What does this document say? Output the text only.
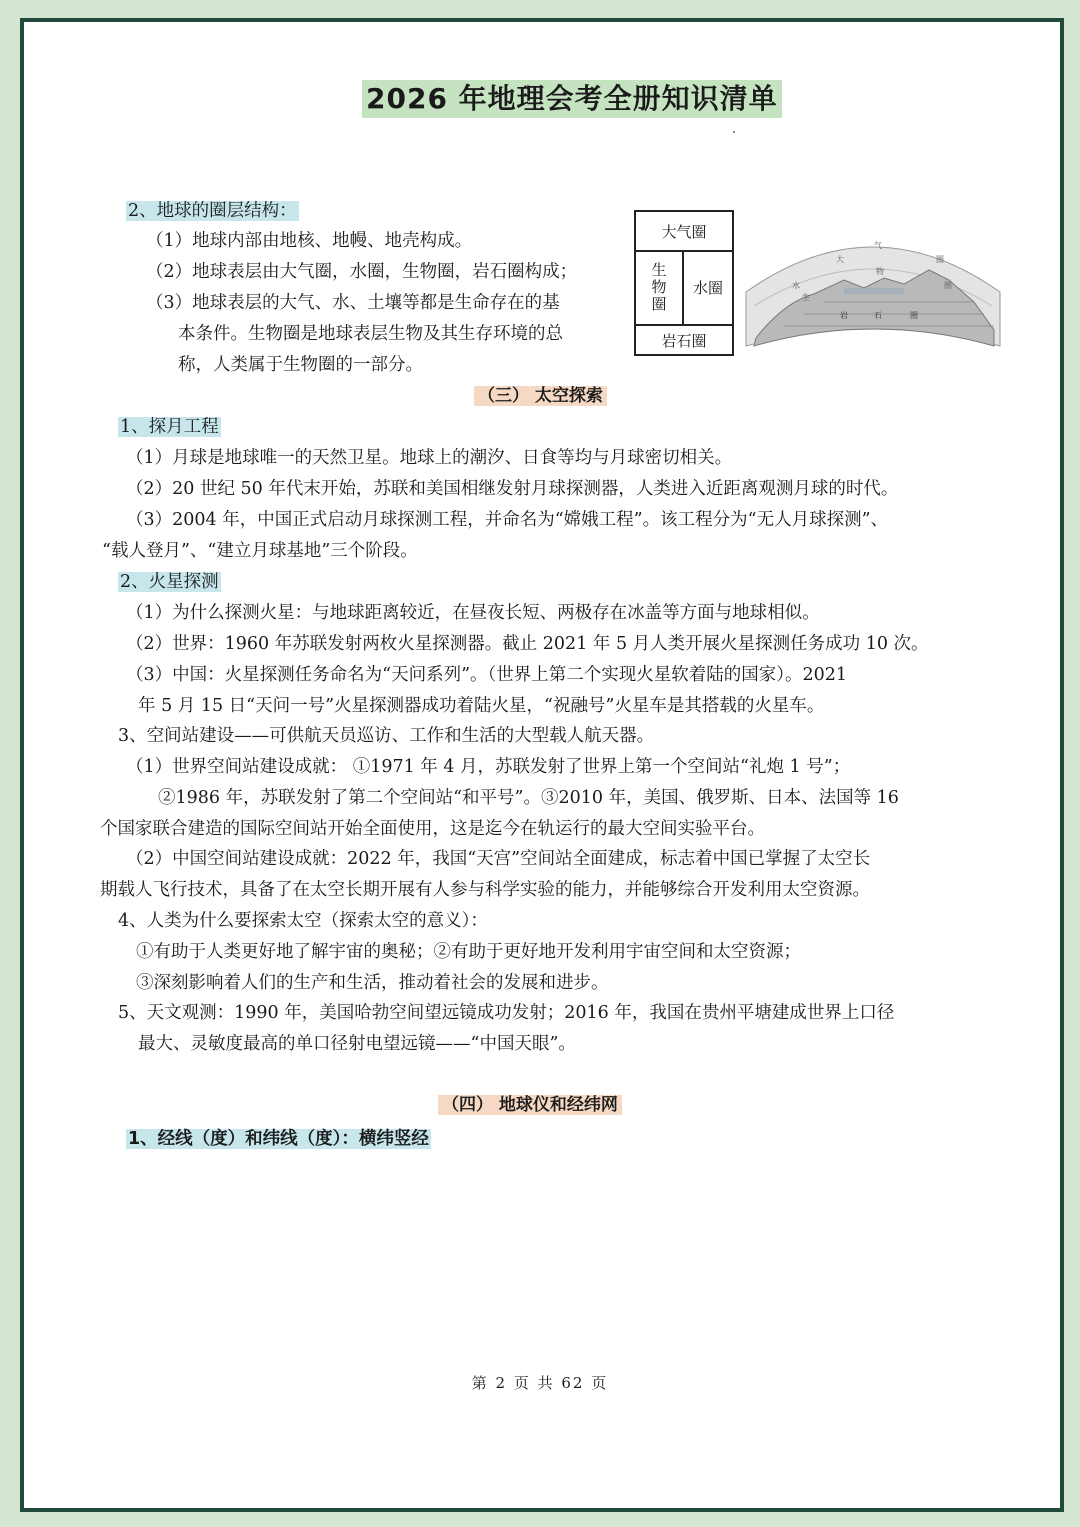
2026 年地理会考全册知识清单
2、地球的圈层结构：
（1）地球内部由地核、地幔、地壳构成。
（2）地球表层由大气圈，水圈，生物圈，岩石圈构成；
（3）地球表层的大气、水、土壤等都是生命存在的基
本条件。生物圈是地球表层生物及其生存环境的总
称，人类属于生物圈的一部分。
大气圈
生物圈	水圈
岩石圈
大
气
圈
水
生
物
圈
岩	石	圈
（三） 太空探索
1、探月工程
（1）月球是地球唯一的天然卫星。地球上的潮汐、日食等均与月球密切相关。
（2）20 世纪 50 年代末开始，苏联和美国相继发射月球探测器，人类进入近距离观测月球的时代。
（3）2004 年，中国正式启动月球探测工程，并命名为“嫦娥工程”。该工程分为“无人月球探测”、
“载人登月”、“建立月球基地”三个阶段。
2、火星探测
（1）为什么探测火星：与地球距离较近，在昼夜长短、两极存在冰盖等方面与地球相似。
（2）世界：1960 年苏联发射两枚火星探测器。截止 2021 年 5 月人类开展火星探测任务成功 10 次。
（3）中国：火星探测任务命名为“天问系列”。（世界上第二个实现火星软着陆的国家）。2021
年 5 月 15 日“天问一号”火星探测器成功着陆火星，“祝融号”火星车是其搭载的火星车。
3、空间站建设——可供航天员巡访、工作和生活的大型载人航天器。
（1）世界空间站建设成就： ①1971 年 4 月，苏联发射了世界上第一个空间站“礼炮 1 号”；
②1986 年，苏联发射了第二个空间站“和平号”。③2010 年，美国、俄罗斯、日本、法国等 16
个国家联合建造的国际空间站开始全面使用，这是迄今在轨运行的最大空间实验平台。
（2）中国空间站建设成就：2022 年，我国“天宫”空间站全面建成，标志着中国已掌握了太空长
期载人飞行技术，具备了在太空长期开展有人参与科学实验的能力，并能够综合开发利用太空资源。
4、人类为什么要探索太空（探索太空的意义）：
①有助于人类更好地了解宇宙的奥秘；②有助于更好地开发利用宇宙空间和太空资源；
③深刻影响着人们的生产和生活，推动着社会的发展和进步。
5、天文观测：1990 年，美国哈勃空间望远镜成功发射；2016 年，我国在贵州平塘建成世界上口径
最大、灵敏度最高的单口径射电望远镜——“中国天眼”。
（四） 地球仪和经纬网
1、经线（度）和纬线（度）：横纬竖经
第 2 页 共 62 页
